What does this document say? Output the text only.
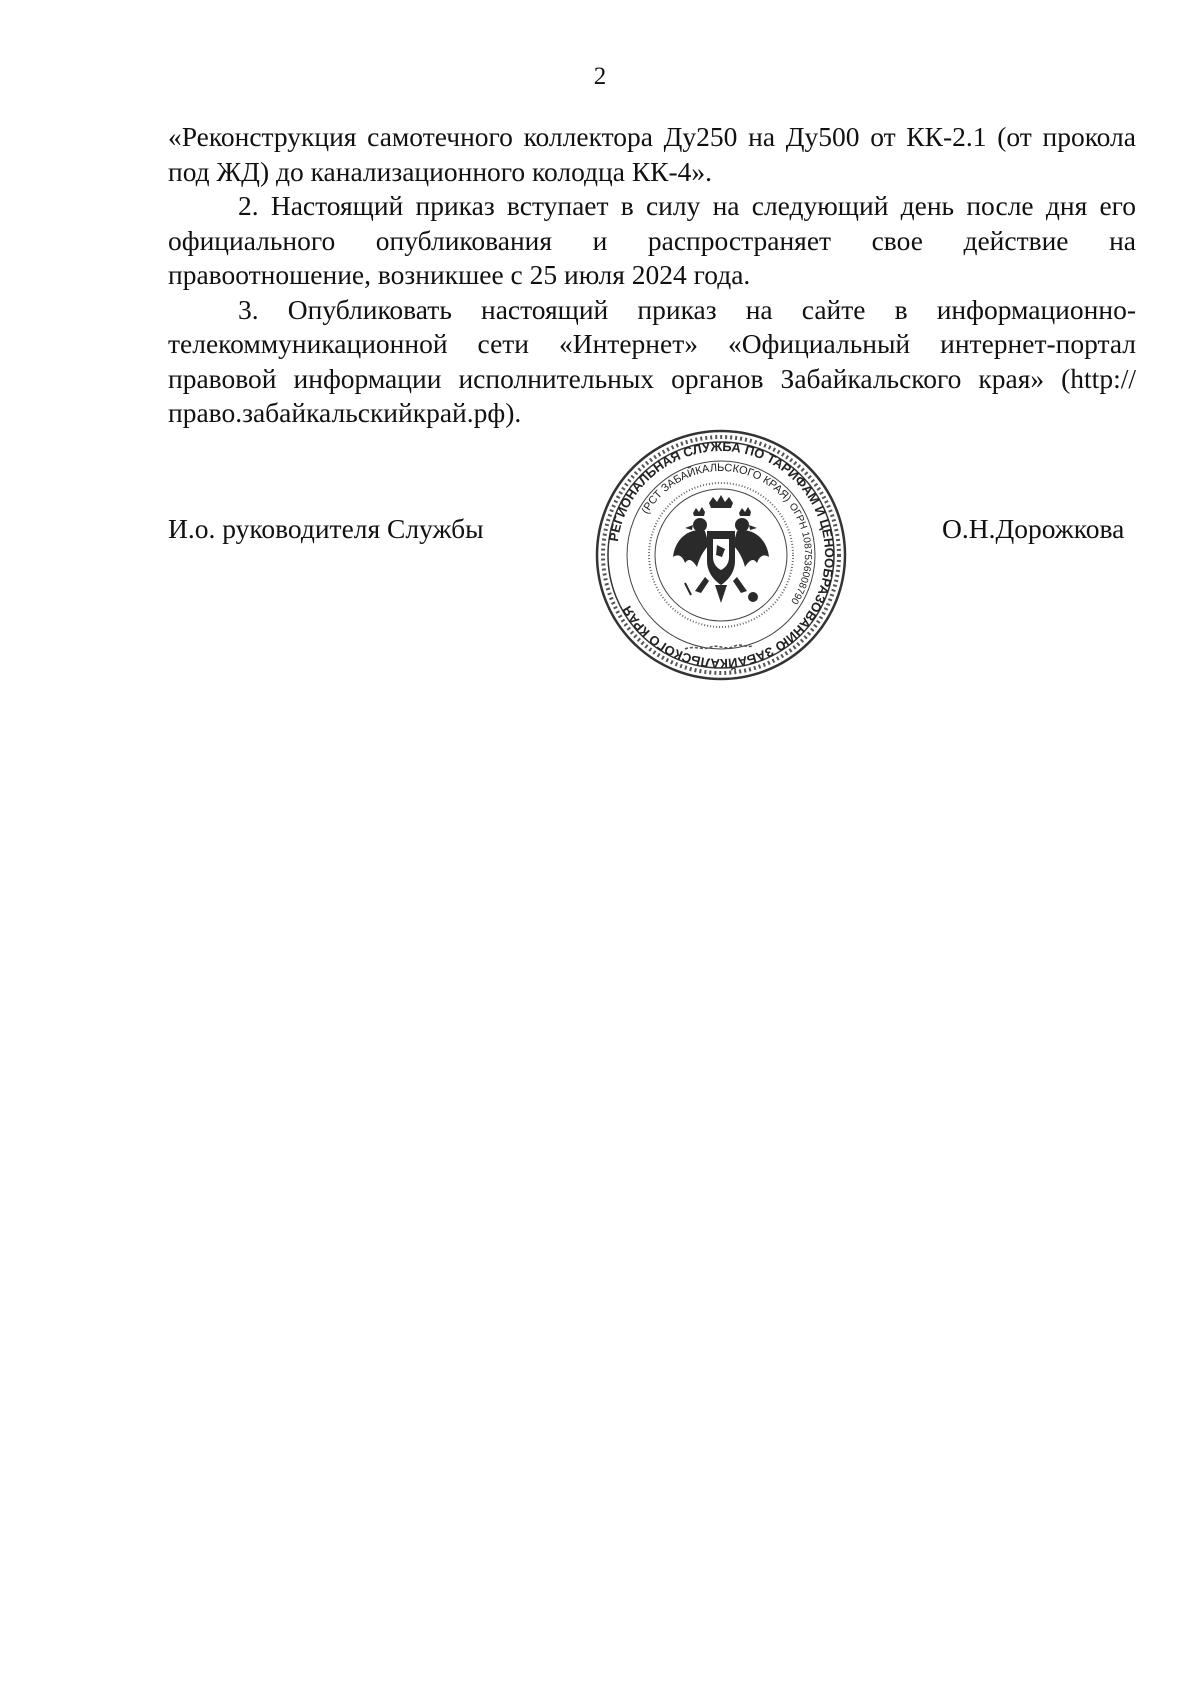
2

«Реконструкция самотечного коллектора Ду250 на Ду500 от КК-2.1 (от прокола под ЖД) до канализационного колодца КК-4».

2. Настоящий приказ вступает в силу на следующий день после дня его официального опубликования и распространяет свое действие на правоотношение, возникшее с 25 июля 2024 года.

3. Опубликовать настоящий приказ на сайте в информационно-телекоммуникационной сети «Интернет» «Официальный интернет-портал правовой информации исполнительных органов Забайкальского края» (http://право.забайкальскийкрай.рф).

И.о. руководителя Службы	РЕГИОНАЛЬНАЯ СЛУЖБА ПО ТАРИФАМ И ЦЕНООБРАЗОВАНИЮ ЗАБАЙКАЛЬСКОГО КРАЯ
(РСТ ЗАБАЙКАЛЬСКОГО КРАЯ)
ОГРН 1087536008790
О.Н.Дорожкова
